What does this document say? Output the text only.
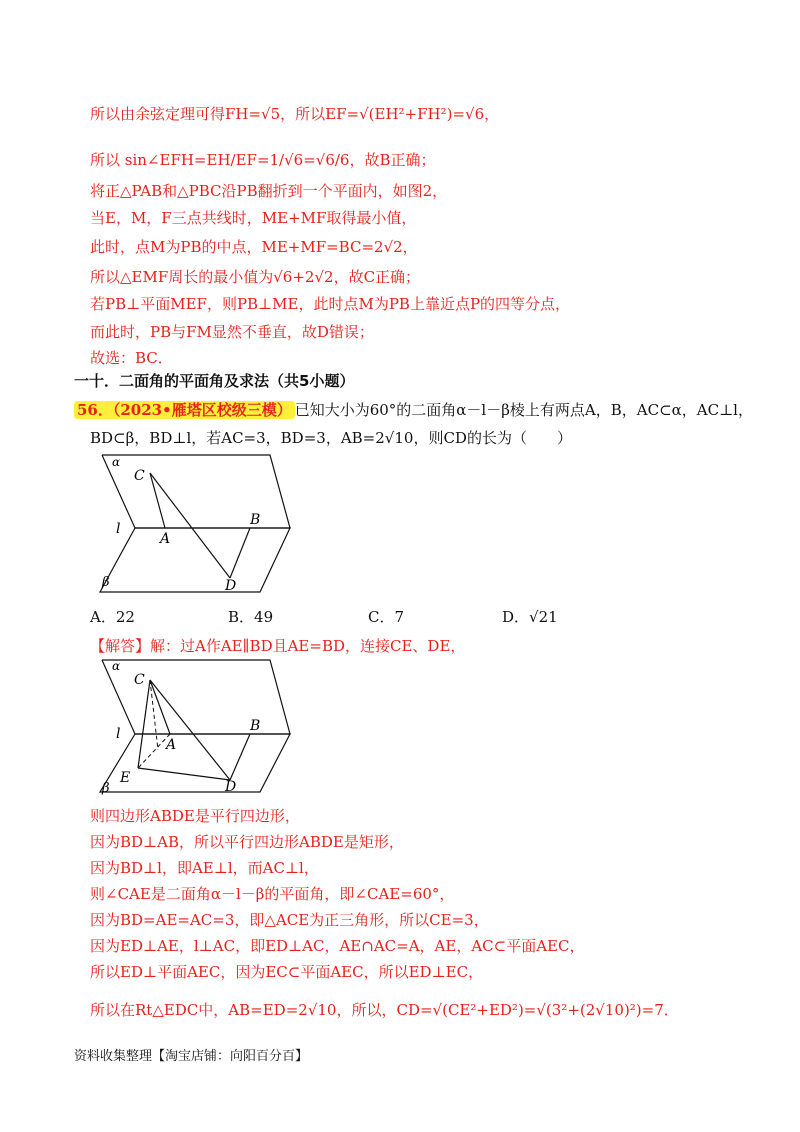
所以由余弦定理可得FH=√5，所以EF=√(EH²+FH²)=√6，
所以 sin∠EFH=EH/EF=1/√6=√6/6，故B正确；
将正△PAB和△PBC沿PB翻折到一个平面内，如图2，
当E，M，F三点共线时，ME+MF取得最小值，
此时，点M为PB的中点，ME+MF=BC=2√2，
所以△EMF周长的最小值为√6+2√2，故C正确；
若PB⊥平面MEF，则PB⊥ME，此时点M为PB上靠近点P的四等分点，
而此时，PB与FM显然不垂直，故D错误；
故选：BC．
一十．二面角的平面角及求法（共5小题）
56．（2023•雁塔区校级三模） 已知大小为60°的二面角α－l－β棱上有两点A，B，AC⊂α，AC⊥l，
BD⊂β，BD⊥l，若AC=3，BD=3，AB=2√10，则CD的长为（　　）
α
l
C
A
B
D
β
A．22	B．49	C．7	D．√21
【解答】解：过A作AE∥BD且AE=BD，连接CE、DE，
α
l
C
A
B
D
E
β
则四边形ABDE是平行四边形，
因为BD⊥AB，所以平行四边形ABDE是矩形，
因为BD⊥l，即AE⊥l，而AC⊥l，
则∠CAE是二面角α－l－β的平面角，即∠CAE=60°，
因为BD=AE=AC=3，即△ACE为正三角形，所以CE=3，
因为ED⊥AE，l⊥AC，即ED⊥AC，AE∩AC=A，AE，AC⊂平面AEC，
所以ED⊥平面AEC，因为EC⊂平面AEC，所以ED⊥EC，
所以在Rt△EDC中，AB=ED=2√10，所以，CD=√(CE²+ED²)=√(3²+(2√10)²)=7．
资料收集整理【淘宝店铺：向阳百分百】
